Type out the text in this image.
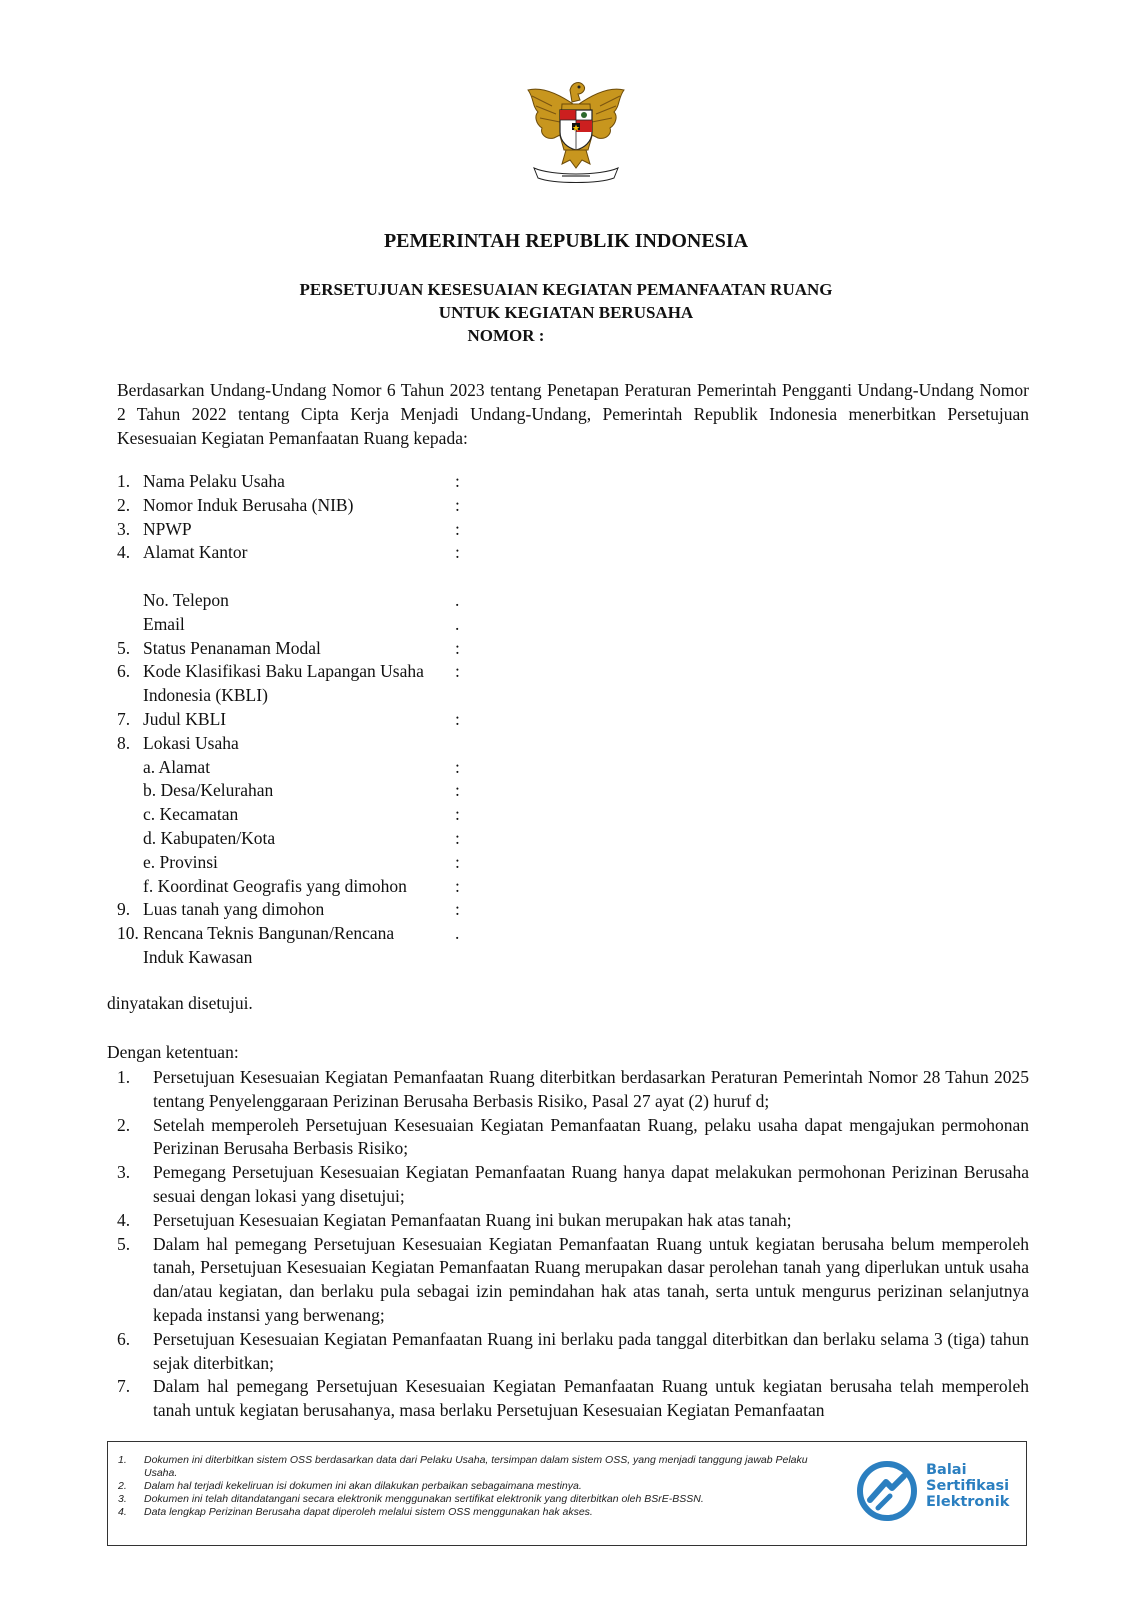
PEMERINTAH REPUBLIK INDONESIA
PERSETUJUAN KESESUAIAN KEGIATAN PEMANFAATAN RUANG
UNTUK KEGIATAN BERUSAHA
NOMOR :
Berdasarkan Undang-Undang Nomor 6 Tahun 2023 tentang Penetapan Peraturan Pemerintah Pengganti Undang-Undang Nomor 2 Tahun 2022 tentang Cipta Kerja Menjadi Undang-Undang, Pemerintah Republik Indonesia menerbitkan Persetujuan Kesesuaian Kegiatan Pemanfaatan Ruang kepada:
1. Nama Pelaku Usaha	:
2. Nomor Induk Berusaha (NIB)	:
3. NPWP	:
4. Alamat Kantor	:
No. Telepon	.
Email	.
5. Status Penanaman Modal	:
6. Kode Klasifikasi Baku Lapangan Usaha :
Indonesia (KBLI)
7. Judul KBLI	:
8. Lokasi Usaha
a. Alamat	:
b. Desa/Kelurahan	:
c. Kecamatan	:
d. Kabupaten/Kota	:
e. Provinsi	:
f. Koordinat Geografis yang dimohon	:
9. Luas tanah yang dimohon	:
10. Rencana Teknis Bangunan/Rencana	.
Induk Kawasan
dinyatakan disetujui.
Dengan ketentuan:
1.	Persetujuan Kesesuaian Kegiatan Pemanfaatan Ruang diterbitkan berdasarkan Peraturan Pemerintah Nomor 28 Tahun 2025 tentang Penyelenggaraan Perizinan Berusaha Berbasis Risiko, Pasal 27 ayat (2) huruf d;
2.	Setelah memperoleh Persetujuan Kesesuaian Kegiatan Pemanfaatan Ruang, pelaku usaha dapat mengajukan permohonan Perizinan Berusaha Berbasis Risiko;
3.	Pemegang Persetujuan Kesesuaian Kegiatan Pemanfaatan Ruang hanya dapat melakukan permohonan Perizinan Berusaha sesuai dengan lokasi yang disetujui;
4.	Persetujuan Kesesuaian Kegiatan Pemanfaatan Ruang ini bukan merupakan hak atas tanah;
5.	Dalam hal pemegang Persetujuan Kesesuaian Kegiatan Pemanfaatan Ruang untuk kegiatan berusaha belum memperoleh tanah, Persetujuan Kesesuaian Kegiatan Pemanfaatan Ruang merupakan dasar perolehan tanah yang diperlukan untuk usaha dan/atau kegiatan, dan berlaku pula sebagai izin pemindahan hak atas tanah, serta untuk mengurus perizinan selanjutnya kepada instansi yang berwenang;
6.	Persetujuan Kesesuaian Kegiatan Pemanfaatan Ruang ini berlaku pada tanggal diterbitkan dan berlaku selama 3 (tiga) tahun sejak diterbitkan;
7.	Dalam hal pemegang Persetujuan Kesesuaian Kegiatan Pemanfaatan Ruang untuk kegiatan berusaha telah memperoleh tanah untuk kegiatan berusahanya, masa berlaku Persetujuan Kesesuaian Kegiatan Pemanfaatan
1.	Dokumen ini diterbitkan sistem OSS berdasarkan data dari Pelaku Usaha, tersimpan dalam sistem OSS, yang menjadi tanggung jawab Pelaku Usaha.
2.	Dalam hal terjadi kekeliruan isi dokumen ini akan dilakukan perbaikan sebagaimana mestinya.
3.	Dokumen ini telah ditandatangani secara elektronik menggunakan sertifikat elektronik yang diterbitkan oleh BSrE-BSSN.
4.	Data lengkap Perizinan Berusaha dapat diperoleh melalui sistem OSS menggunakan hak akses.
Balai
Sertifikasi
Elektronik
